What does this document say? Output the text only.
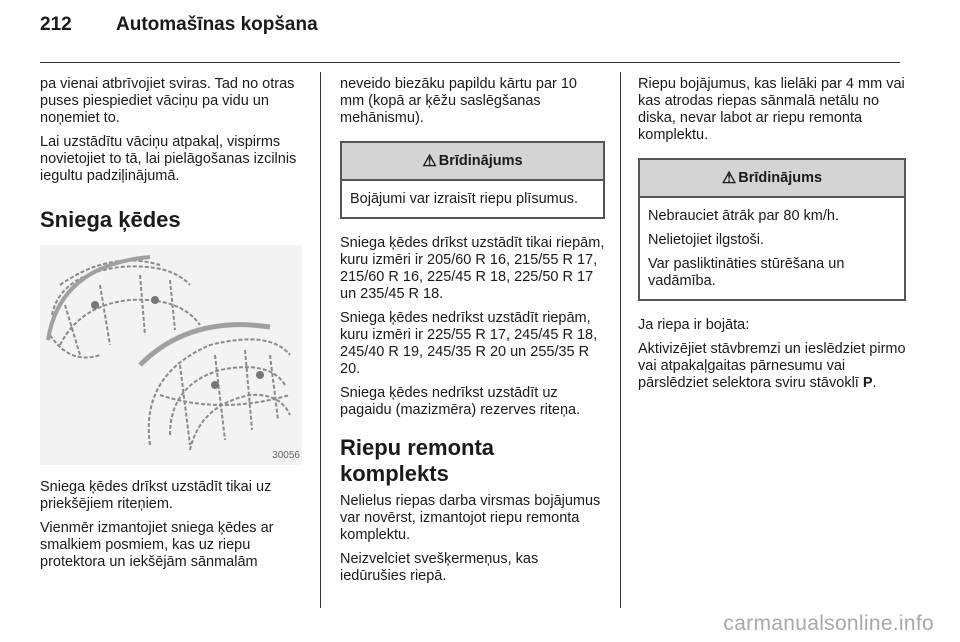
212	Automašīnas kopšana

pa vienai atbrīvojiet sviras. Tad no otras puses piespiediet vāciņu pa vidu un noņemiet to.

Lai uzstādītu vāciņu atpakaļ, vispirms novietojiet to tā, lai pielāgošanas izcilnis iegultu padziļinājumā.

Sniega ķēdes
30056

Sniega ķēdes drīkst uzstādīt tikai uz priekšējiem riteņiem.

Vienmēr izmantojiet sniega ķēdes ar smalkiem posmiem, kas uz riepu protektora un iekšējām sānmalām

neveido biezāku papildu kārtu par 10 mm (kopā ar ķēžu saslēgšanas mehānismu).

⚠ Brīdinājums

Bojājumi var izraisīt riepu plīsumus.

Sniega ķēdes drīkst uzstādīt tikai riepām, kuru izmēri ir 205/60 R 16, 215/55 R 17, 215/60 R 16, 225/45 R 18, 225/50 R 17 un 235/45 R 18.

Sniega ķēdes nedrīkst uzstādīt riepām, kuru izmēri ir 225/55 R 17, 245/45 R 18, 245/40 R 19, 245/35 R 20 un 255/35 R 20.

Sniega ķēdes nedrīkst uzstādīt uz pagaidu (mazizmēra) rezerves riteņa.

Riepu remonta komplekts

Nelielus riepas darba virsmas bojājumus var novērst, izmantojot riepu remonta komplektu.

Neizvelciet svešķermeņus, kas iedūrušies riepā.

Riepu bojājumus, kas lielāki par 4 mm vai kas atrodas riepas sānmalā netālu no diska, nevar labot ar riepu remonta komplektu.

⚠ Brīdinājums

Nebrauciet ātrāk par 80 km/h.

Nelietojiet ilgstoši.

Var pasliktināties stūrēšana un vadāmība.

Ja riepa ir bojāta:

Aktivizējiet stāvbremzi un ieslēdziet pirmo vai atpakaļgaitas pārnesumu vai pārslēdziet selektora sviru stāvoklī P.

carmanualsonline.info
